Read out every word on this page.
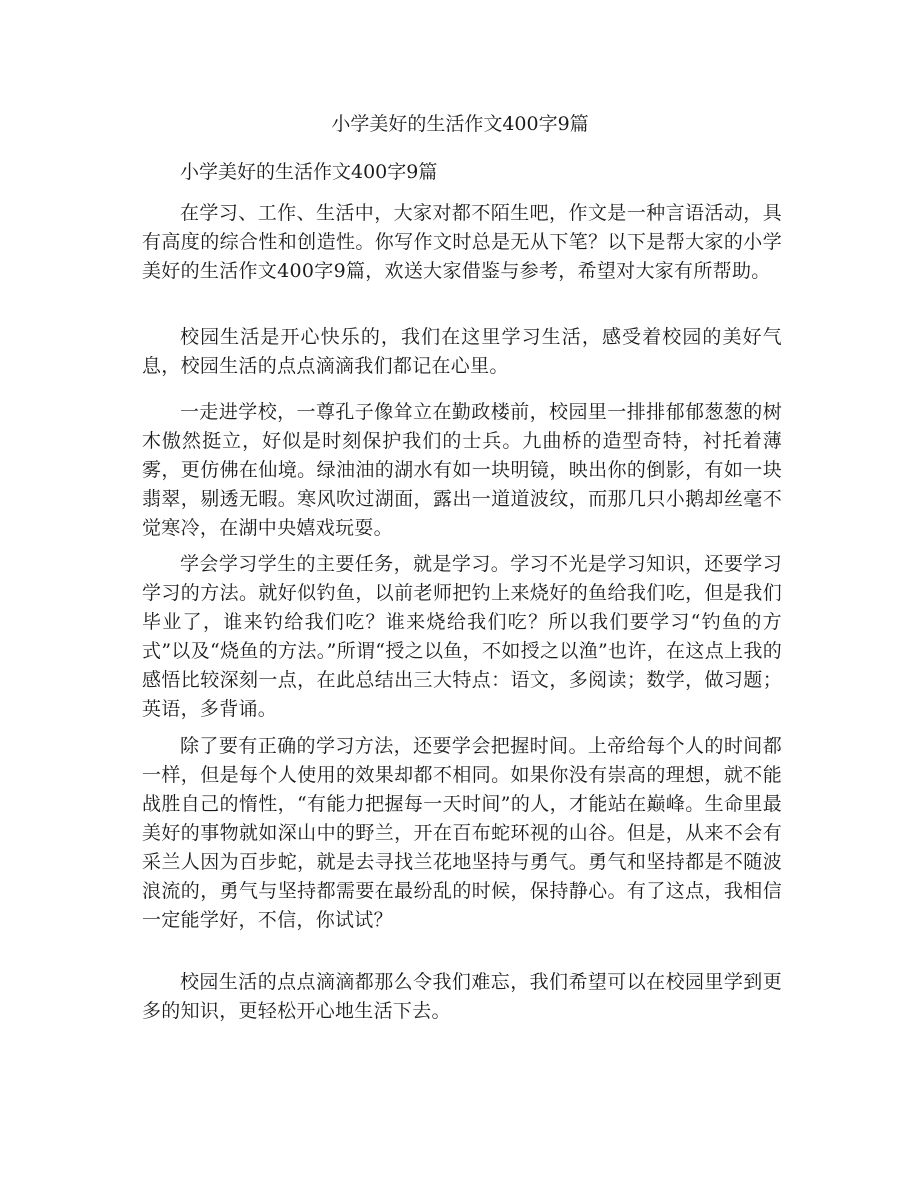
小学美好的生活作文400字9篇

小学美好的生活作文400字9篇

在学习、工作、生活中，大家对都不陌生吧，作文是一种言语活动，具有高度的综合性和创造性。你写作文时总是无从下笔？以下是帮大家的小学美好的生活作文400字9篇，欢送大家借鉴与参考，希望对大家有所帮助。

校园生活是开心快乐的，我们在这里学习生活，感受着校园的美好气息，校园生活的点点滴滴我们都记在心里。

一走进学校，一尊孔子像耸立在勤政楼前，校园里一排排郁郁葱葱的树木傲然挺立，好似是时刻保护我们的士兵。九曲桥的造型奇特，衬托着薄雾，更仿佛在仙境。绿油油的湖水有如一块明镜，映出你的倒影，有如一块翡翠，剔透无暇。寒风吹过湖面，露出一道道波纹，而那几只小鹅却丝毫不觉寒冷，在湖中央嬉戏玩耍。

学会学习学生的主要任务，就是学习。学习不光是学习知识，还要学习学习的方法。就好似钓鱼，以前老师把钓上来烧好的鱼给我们吃，但是我们毕业了，谁来钓给我们吃？谁来烧给我们吃？所以我们要学习“钓鱼的方式”以及“烧鱼的方法。”所谓“授之以鱼，不如授之以渔”也许，在这点上我的感悟比较深刻一点，在此总结出三大特点：语文，多阅读；数学，做习题；英语，多背诵。

除了要有正确的学习方法，还要学会把握时间。上帝给每个人的时间都一样，但是每个人使用的效果却都不相同。如果你没有崇高的理想，就不能战胜自己的惰性，“有能力把握每一天时间”的人，才能站在巅峰。生命里最美好的事物就如深山中的野兰，开在百布蛇环视的山谷。但是，从来不会有采兰人因为百步蛇，就是去寻找兰花地坚持与勇气。勇气和坚持都是不随波浪流的，勇气与坚持都需要在最纷乱的时候，保持静心。有了这点，我相信一定能学好，不信，你试试？

校园生活的点点滴滴都那么令我们难忘，我们希望可以在校园里学到更多的知识，更轻松开心地生活下去。
